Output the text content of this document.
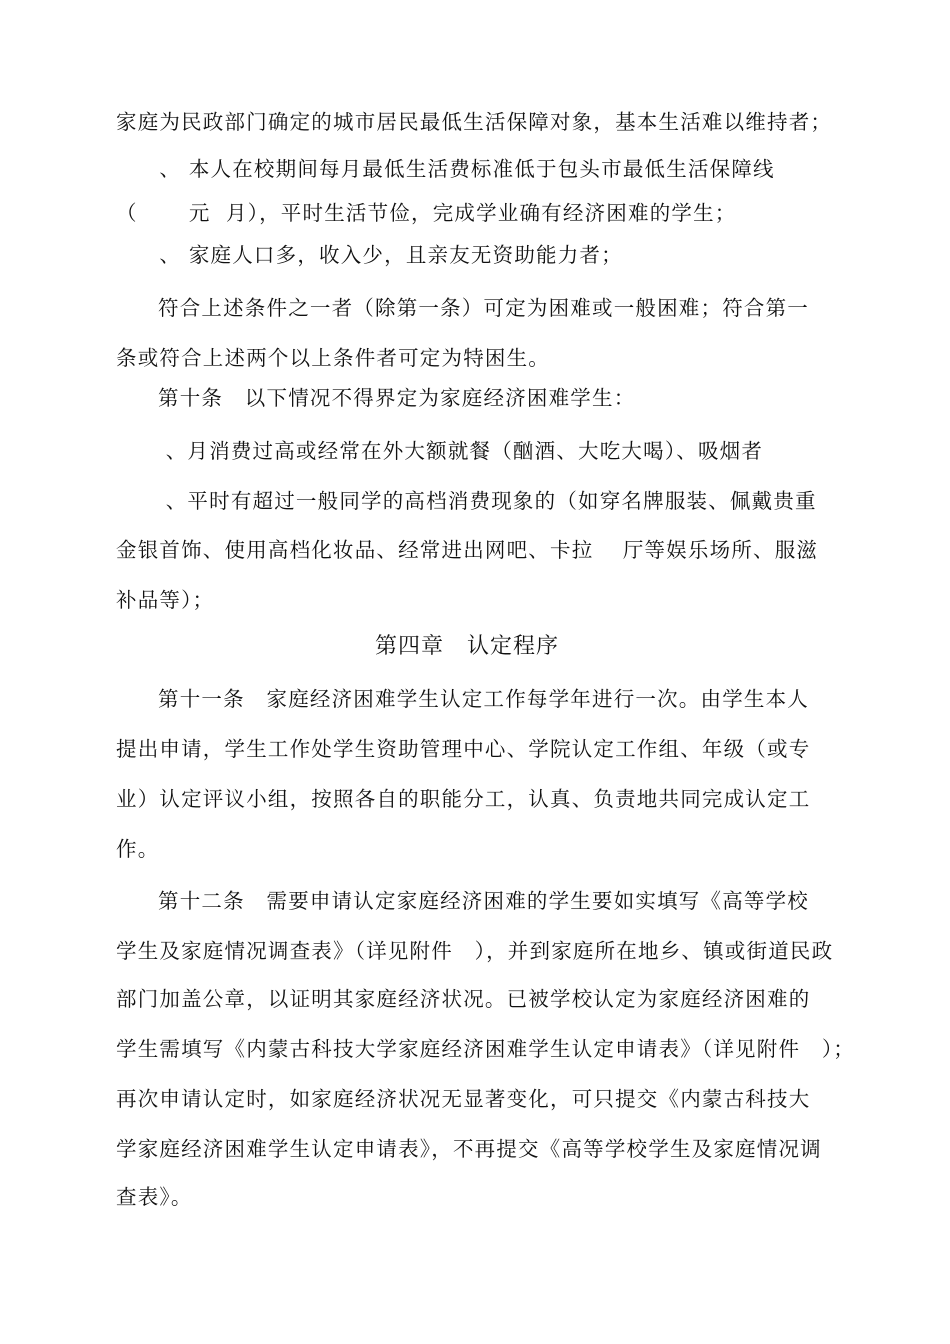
家庭为民政部门确定的城市居民最低生活保障对象，基本生活难以维持者；

　　、 本人在校期间每月最低生活费标准低于包头市最低生活保障线

（　　 元  月），平时生活节俭，完成学业确有经济困难的学生；

　　、 家庭人口多，收入少，且亲友无资助能力者；

符合上述条件之一者（除第一条）可定为困难或一般困难；符合第一

条或符合上述两个以上条件者可定为特困生。

第十条　以下情况不得界定为家庭经济困难学生：

、月消费过高或经常在外大额就餐（酗酒、大吃大喝）、吸烟者

、平时有超过一般同学的高档消费现象的（如穿名牌服装、佩戴贵重

金银首饰、使用高档化妆品、经常进出网吧、卡拉　 厅等娱乐场所、服滋

补品等）；

第四章　认定程序

第十一条　家庭经济困难学生认定工作每学年进行一次。由学生本人

提出申请，学生工作处学生资助管理中心、学院认定工作组、年级（或专

业）认定评议小组，按照各自的职能分工，认真、负责地共同完成认定工

作。

第十二条　需要申请认定家庭经济困难的学生要如实填写《高等学校

学生及家庭情况调查表》（详见附件　），并到家庭所在地乡、镇或街道民政

部门加盖公章，以证明其家庭经济状况。已被学校认定为家庭经济困难的

学生需填写《内蒙古科技大学家庭经济困难学生认定申请表》（详见附件　）；

再次申请认定时，如家庭经济状况无显著变化，可只提交《内蒙古科技大

学家庭经济困难学生认定申请表》，不再提交《高等学校学生及家庭情况调

查表》。
